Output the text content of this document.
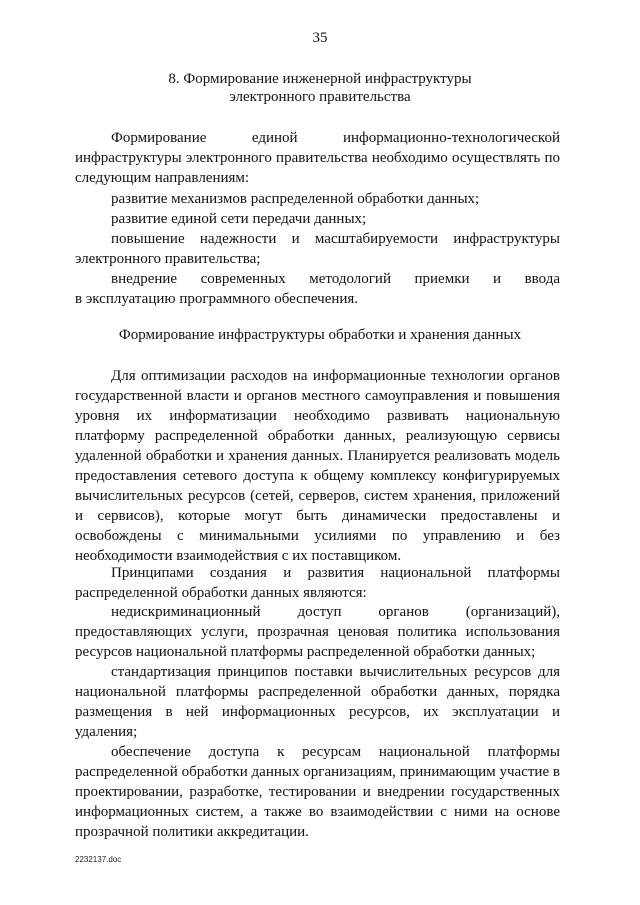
35
8. Формирование инженерной инфраструктуры
электронного правительства
Формирование единой информационно-технологической
инфраструктуры электронного правительства необходимо осуществлять по
следующим направлениям:
развитие механизмов распределенной обработки данных;
развитие единой сети передачи данных;
повышение надежности и масштабируемости инфраструктуры
электронного правительства;
внедрение современных методологий приемки и ввода
в эксплуатацию программного обеспечения.
Формирование инфраструктуры обработки и хранения данных
Для оптимизации расходов на информационные технологии органов
государственной власти и органов местного самоуправления и повышения
уровня их информатизации необходимо развивать национальную
платформу распределенной обработки данных, реализующую сервисы
удаленной обработки и хранения данных. Планируется реализовать модель
предоставления сетевого доступа к общему комплексу конфигурируемых
вычислительных ресурсов (сетей, серверов, систем хранения, приложений
и сервисов), которые могут быть динамически предоставлены и
освобождены с минимальными усилиями по управлению и без
необходимости взаимодействия с их поставщиком.
Принципами создания и развития национальной платформы
распределенной обработки данных являются:
недискриминационный доступ органов (организаций),
предоставляющих услуги, прозрачная ценовая политика использования
ресурсов национальной платформы распределенной обработки данных;
стандартизация принципов поставки вычислительных ресурсов для
национальной платформы распределенной обработки данных, порядка
размещения в ней информационных ресурсов, их эксплуатации и
удаления;
обеспечение доступа к ресурсам национальной платформы
распределенной обработки данных организациям, принимающим участие в
проектировании, разработке, тестировании и внедрении государственных
информационных систем, а также во взаимодействии с ними на основе
прозрачной политики аккредитации.
2232137.doc
